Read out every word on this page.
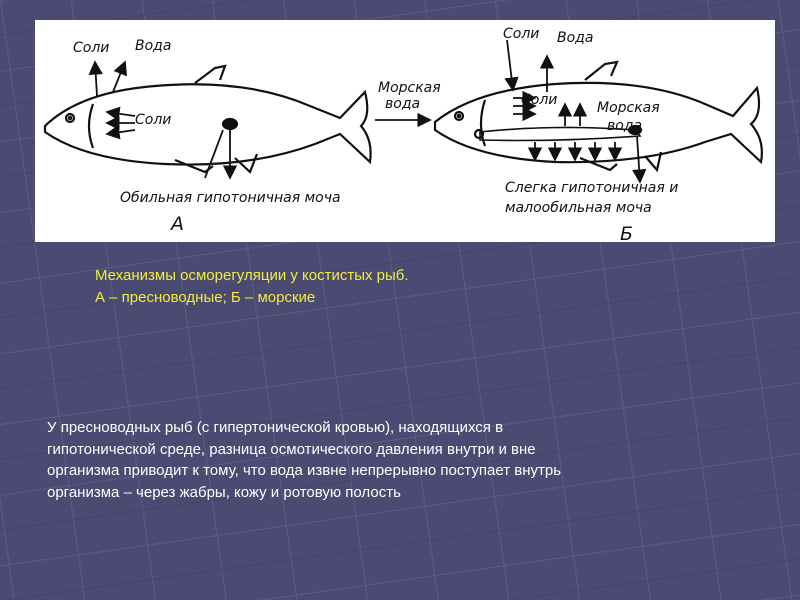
Соли Вода
Соли
Обильная гипотоничная моча
А
Морская
вода
Соли Вода
Соли	Морская
вода
Слегка гипотоничная и
малообильная моча
Б
Механизмы осморегуляции у костистых рыб.
А – пресноводные; Б – морские
У пресноводных рыб (с гипертонической кровью), находящихся в
гипотонической среде, разница осмотического давления внутри и вне
организма приводит к тому, что вода извне непрерывно поступает внутрь
организма – через жабры, кожу и ротовую полость
